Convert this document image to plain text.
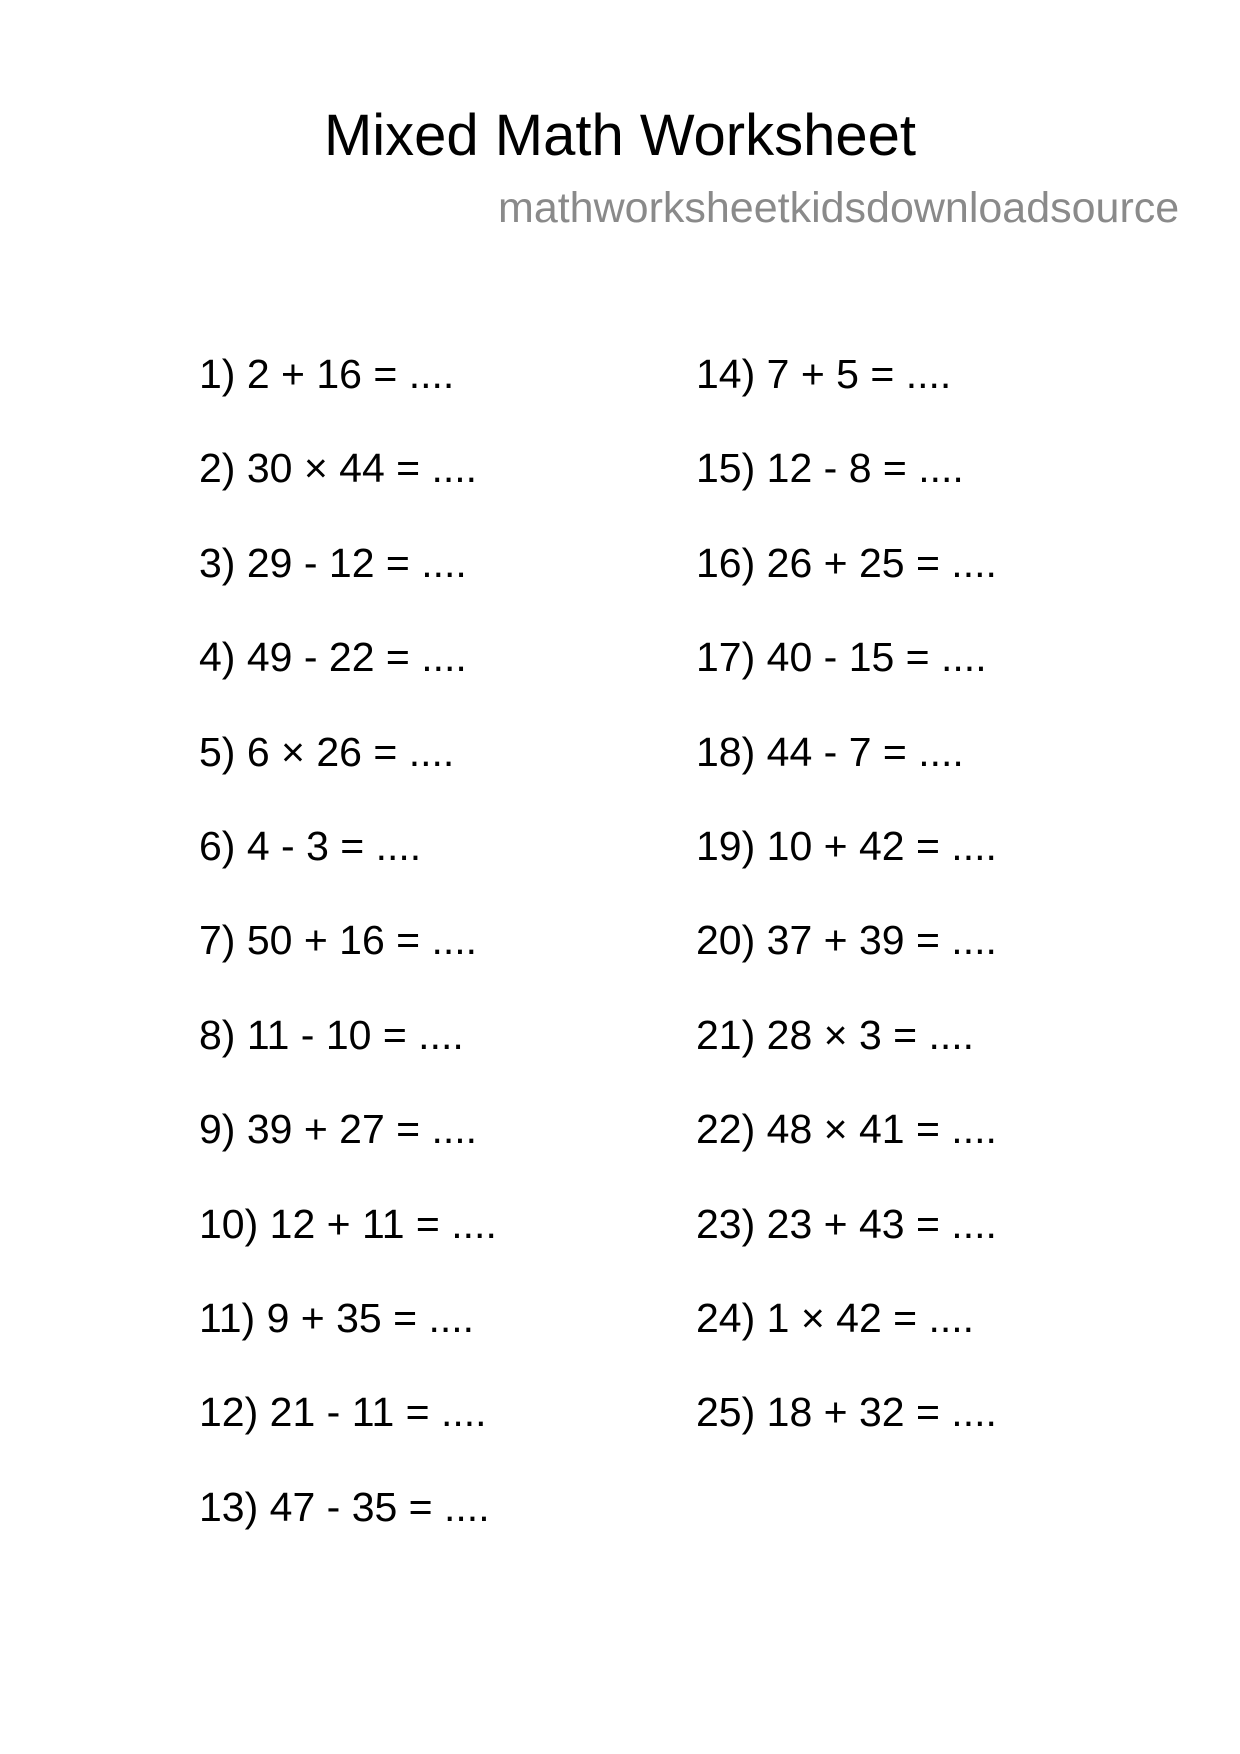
Mixed Math Worksheet
mathworksheetkidsdownloadsource
1) 2 + 16 = ....
2) 30 × 44 = ....
3) 29 - 12 = ....
4) 49 - 22 = ....
5) 6 × 26 = ....
6) 4 - 3 = ....
7) 50 + 16 = ....
8) 11 - 10 = ....
9) 39 + 27 = ....
10) 12 + 11 = ....
11) 9 + 35 = ....
12) 21 - 11 = ....
13) 47 - 35 = ....
14) 7 + 5 = ....
15) 12 - 8 = ....
16) 26 + 25 = ....
17) 40 - 15 = ....
18) 44 - 7 = ....
19) 10 + 42 = ....
20) 37 + 39 = ....
21) 28 × 3 = ....
22) 48 × 41 = ....
23) 23 + 43 = ....
24) 1 × 42 = ....
25) 18 + 32 = ....
